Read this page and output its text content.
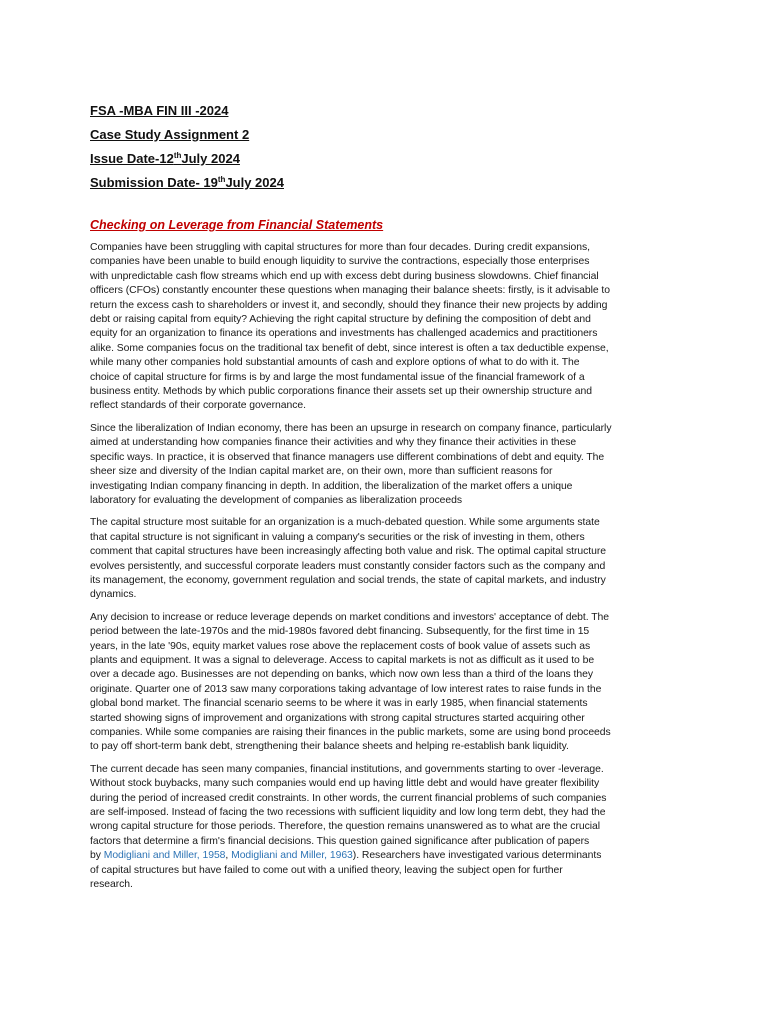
FSA -MBA FIN III -2024
Case Study Assignment 2
Issue Date-12thJuly 2024
Submission Date- 19thJuly 2024
Checking on Leverage from Financial Statements
Companies have been struggling with capital structures for more than four decades. During credit expansions,
companies have been unable to build enough liquidity to survive the contractions, especially those enterprises
with unpredictable cash flow streams which end up with excess debt during business slowdowns. Chief financial
officers (CFOs) constantly encounter these questions when managing their balance sheets: firstly, is it advisable to
return the excess cash to shareholders or invest it, and secondly, should they finance their new projects by adding
debt or raising capital from equity? Achieving the right capital structure by defining the composition of debt and
equity for an organization to finance its operations and investments has challenged academics and practitioners
alike. Some companies focus on the traditional tax benefit of debt, since interest is often a tax deductible expense,
while many other companies hold substantial amounts of cash and explore options of what to do with it. The
choice of capital structure for firms is by and large the most fundamental issue of the financial framework of a
business entity. Methods by which public corporations finance their assets set up their ownership structure and
reflect standards of their corporate governance.
Since the liberalization of Indian economy, there has been an upsurge in research on company finance, particularly
aimed at understanding how companies finance their activities and why they finance their activities in these
specific ways. In practice, it is observed that finance managers use different combinations of debt and equity. The
sheer size and diversity of the Indian capital market are, on their own, more than sufficient reasons for
investigating Indian company financing in depth. In addition, the liberalization of the market offers a unique
laboratory for evaluating the development of companies as liberalization proceeds
The capital structure most suitable for an organization is a much-debated question. While some arguments state
that capital structure is not significant in valuing a company's securities or the risk of investing in them, others
comment that capital structures have been increasingly affecting both value and risk. The optimal capital structure
evolves persistently, and successful corporate leaders must constantly consider factors such as the company and
its management, the economy, government regulation and social trends, the state of capital markets, and industry
dynamics.
Any decision to increase or reduce leverage depends on market conditions and investors' acceptance of debt. The
period between the late-1970s and the mid-1980s favored debt financing. Subsequently, for the first time in 15
years, in the late '90s, equity market values rose above the replacement costs of book value of assets such as
plants and equipment. It was a signal to deleverage. Access to capital markets is not as difficult as it used to be
over a decade ago. Businesses are not depending on banks, which now own less than a third of the loans they
originate. Quarter one of 2013 saw many corporations taking advantage of low interest rates to raise funds in the
global bond market. The financial scenario seems to be where it was in early 1985, when financial statements
started showing signs of improvement and organizations with strong capital structures started acquiring other
companies. While some companies are raising their finances in the public markets, some are using bond proceeds
to pay off short-term bank debt, strengthening their balance sheets and helping re-establish bank liquidity.
The current decade has seen many companies, financial institutions, and governments starting to over -leverage.
Without stock buybacks, many such companies would end up having little debt and would have greater flexibility
during the period of increased credit constraints. In other words, the current financial problems of such companies
are self-imposed. Instead of facing the two recessions with sufficient liquidity and low long term debt, they had the
wrong capital structure for those periods. Therefore, the question remains unanswered as to what are the crucial
factors that determine a firm's financial decisions. This question gained significance after publication of papers
by Modigliani and Miller, 1958, Modigliani and Miller, 1963). Researchers have investigated various determinants
of capital structures but have failed to come out with a unified theory, leaving the subject open for further
research.
